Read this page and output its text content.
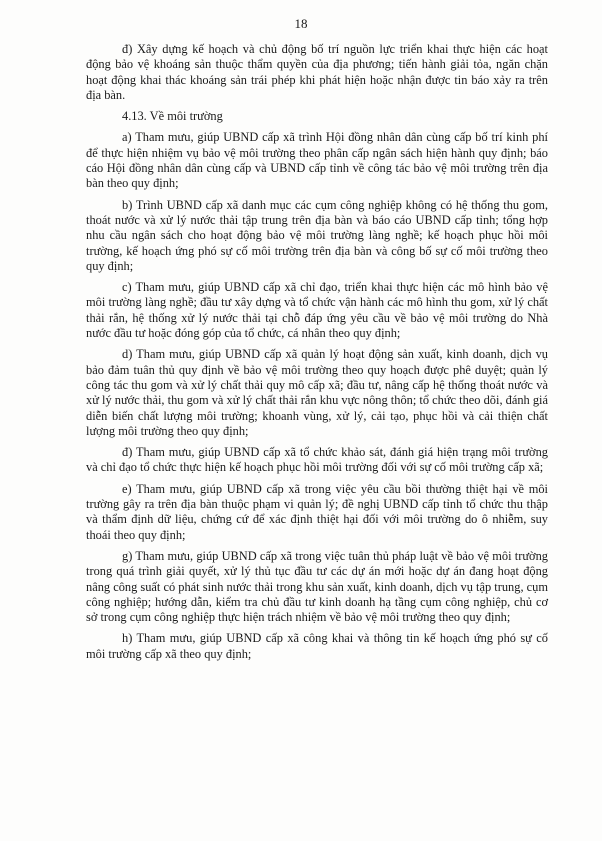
18

đ) Xây dựng kế hoạch và chủ động bố trí nguồn lực triển khai thực hiện các hoạt động bảo vệ khoáng sản thuộc thẩm quyền của địa phương; tiến hành giải tỏa, ngăn chặn hoạt động khai thác khoáng sản trái phép khi phát hiện hoặc nhận được tin báo xảy ra trên địa bàn.

4.13. Về môi trường

a) Tham mưu, giúp UBND cấp xã trình Hội đồng nhân dân cùng cấp bố trí kinh phí để thực hiện nhiệm vụ bảo vệ môi trường theo phân cấp ngân sách hiện hành quy định; báo cáo Hội đồng nhân dân cùng cấp và UBND cấp tỉnh về công tác bảo vệ môi trường trên địa bàn theo quy định;

b) Trình UBND cấp xã danh mục các cụm công nghiệp không có hệ thống thu gom, thoát nước và xử lý nước thải tập trung trên địa bàn và báo cáo UBND cấp tỉnh; tổng hợp nhu cầu ngân sách cho hoạt động bảo vệ môi trường làng nghề; kế hoạch phục hồi môi trường, kế hoạch ứng phó sự cố môi trường trên địa bàn và công bố sự cố môi trường theo quy định;

c) Tham mưu, giúp UBND cấp xã chỉ đạo, triển khai thực hiện các mô hình bảo vệ môi trường làng nghề; đầu tư xây dựng và tổ chức vận hành các mô hình thu gom, xử lý chất thải rắn, hệ thống xử lý nước thải tại chỗ đáp ứng yêu cầu về bảo vệ môi trường do Nhà nước đầu tư hoặc đóng góp của tổ chức, cá nhân theo quy định;

d) Tham mưu, giúp UBND cấp xã quản lý hoạt động sản xuất, kinh doanh, dịch vụ bảo đảm tuân thủ quy định về bảo vệ môi trường theo quy hoạch được phê duyệt; quản lý công tác thu gom và xử lý chất thải quy mô cấp xã; đầu tư, nâng cấp hệ thống thoát nước và xử lý nước thải, thu gom và xử lý chất thải rắn khu vực nông thôn; tổ chức theo dõi, đánh giá diễn biến chất lượng môi trường; khoanh vùng, xử lý, cải tạo, phục hồi và cải thiện chất lượng môi trường theo quy định;

đ) Tham mưu, giúp UBND cấp xã tổ chức khảo sát, đánh giá hiện trạng môi trường và chỉ đạo tổ chức thực hiện kế hoạch phục hồi môi trường đối với sự cố môi trường cấp xã;

e) Tham mưu, giúp UBND cấp xã trong việc yêu cầu bồi thường thiệt hại về môi trường gây ra trên địa bàn thuộc phạm vi quản lý; đề nghị UBND cấp tỉnh tổ chức thu thập và thẩm định dữ liệu, chứng cứ để xác định thiệt hại đối với môi trường do ô nhiễm, suy thoái theo quy định;

g) Tham mưu, giúp UBND cấp xã trong việc tuân thủ pháp luật về bảo vệ môi trường trong quá trình giải quyết, xử lý thủ tục đầu tư các dự án mới hoặc dự án đang hoạt động nâng công suất có phát sinh nước thải trong khu sản xuất, kinh doanh, dịch vụ tập trung, cụm công nghiệp; hướng dẫn, kiểm tra chủ đầu tư kinh doanh hạ tầng cụm công nghiệp, chủ cơ sở trong cụm công nghiệp thực hiện trách nhiệm về bảo vệ môi trường theo quy định;

h) Tham mưu, giúp UBND cấp xã công khai và thông tin kế hoạch ứng phó sự cố môi trường cấp xã theo quy định;
